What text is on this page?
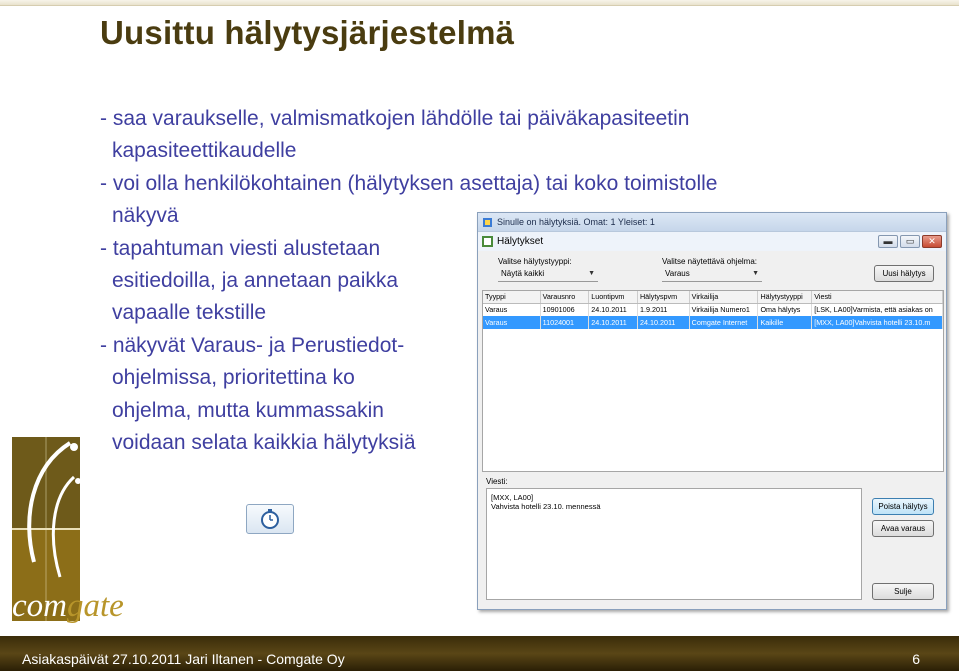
Uusittu hälytysjärjestelmä
- saa varaukselle, valmismatkojen lähdölle tai päiväkapasiteetin
kapasiteettikaudelle
- voi olla henkilökohtainen (hälytyksen asettaja) tai koko toimistolle
näkyvä
- tapahtuman viesti alustetaan
esitiedoilla, ja annetaan paikka
vapaalle tekstille
- näkyvät Varaus- ja Perustiedot-
ohjelmissa, prioritettina ko
ohjelma, mutta kummassakin
voidaan selata kaikkia hälytyksiä
comgate
Sinulle on hälytyksiä. Omat: 1 Yleiset: 1
Hälytykset	▬	▭	✕
Valitse hälytystyyppi:
Näytä kaikki	▼
Valitse näytettävä ohjelma:
Varaus	▼	Uusi hälytys
Tyyppi	Varausnro	Luontipvm	Hälytyspvm	Virkailija	Hälytystyyppi	Viesti
Varaus	10901006	24.10.2011	1.9.2011	Virkailija Numero1	Oma hälytys	[LSK, LA00]Varmista, että asiakas on
Varaus	11024001	24.10.2011	24.10.2011	Comgate Internet	Kaikille	[MXX, LA00]Vahvista hotelli 23.10.m
Viesti:
[MXX, LA00]
Vahvista hotelli 23.10. mennessä	Poista hälytys
Avaa varaus
Sulje
Asiakaspäivät 27.10.2011 Jari Iltanen - Comgate Oy	6
